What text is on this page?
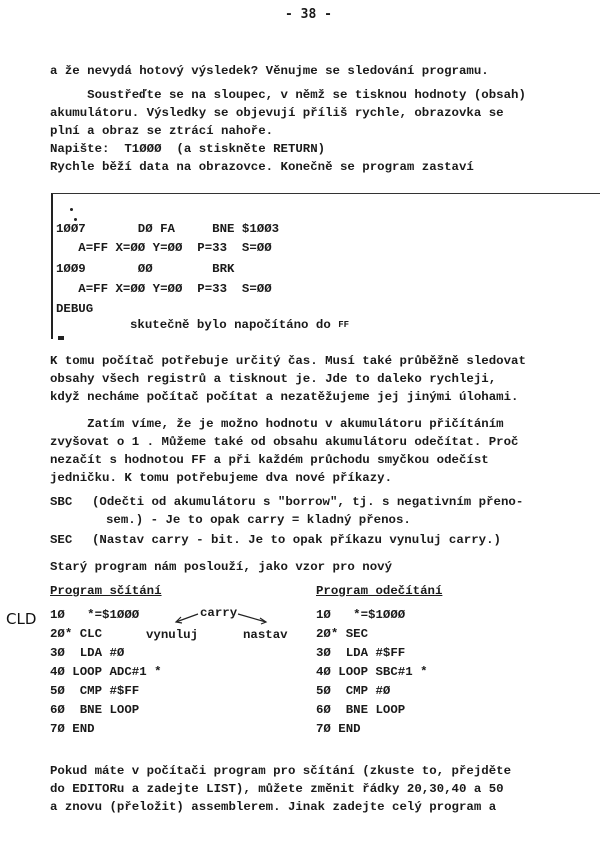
- 38 -
a že nevydá hotový výsledek? Věnujme se sledování programu.
Soustřeďte se na sloupec, v němž se tisknou hodnoty (obsah)
akumulátoru. Výsledky se objevují příliš rychle, obrazovka se
plní a obraz se ztrácí nahoře.
Napište:  T1ØØØ  (a stiskněte RETURN)
Rychle běží data na obrazovce. Konečně se program zastaví
1ØØ7       DØ FA     BNE $1ØØ3
A=FF X=ØØ Y=ØØ  P=33  S=ØØ
1ØØ9       ØØ        BRK
A=FF X=ØØ Y=ØØ  P=33  S=ØØ
DEBUG
skutečně bylo napočítáno do $^{FF}$
K tomu počítač potřebuje určitý čas. Musí také průběžně sledovat
obsahy všech registrů a tisknout je. Jde to daleko rychleji,
když necháme počítač počítat a nezatěžujeme jej jinými úlohami.
Zatím víme, že je možno hodnotu v akumulátoru přičítáním
zvyšovat o 1 . Můžeme také od obsahu akumulátoru odečítat. Proč
nezačít s hodnotou FF a při každém průchodu smyčkou odečíst
jedničku. K tomu potřebujeme dva nové příkazy.
SBC (Odečti od akumulátoru s "borrow", tj. s negativním přeno-
sem.) - Je to opak carry = kladný přenos.
SEC (Nastav carry - bit. Je to opak příkazu vynuluj carry.)
Starý program nám poslouží, jako vzor pro nový
Program sčítání	Program odečítání
CLD 1Ø   *=$1ØØØ
2Ø* CLC
3Ø  LDA #Ø
4Ø LOOP ADC#1 *
5Ø  CMP #$FF
6Ø  BNE LOOP
7Ø END
carry
vynuluj	nastav
1Ø   *=$1ØØØ
2Ø* SEC
3Ø  LDA #$FF
4Ø LOOP SBC#1 *
5Ø  CMP #Ø
6Ø  BNE LOOP
7Ø END
Pokud máte v počítači program pro sčítání (zkuste to, přejděte
do EDITORu a zadejte LIST), můžete změnit řádky 20,30,40 a 50
a znovu (přeložit) assemblerem. Jinak zadejte celý program a
